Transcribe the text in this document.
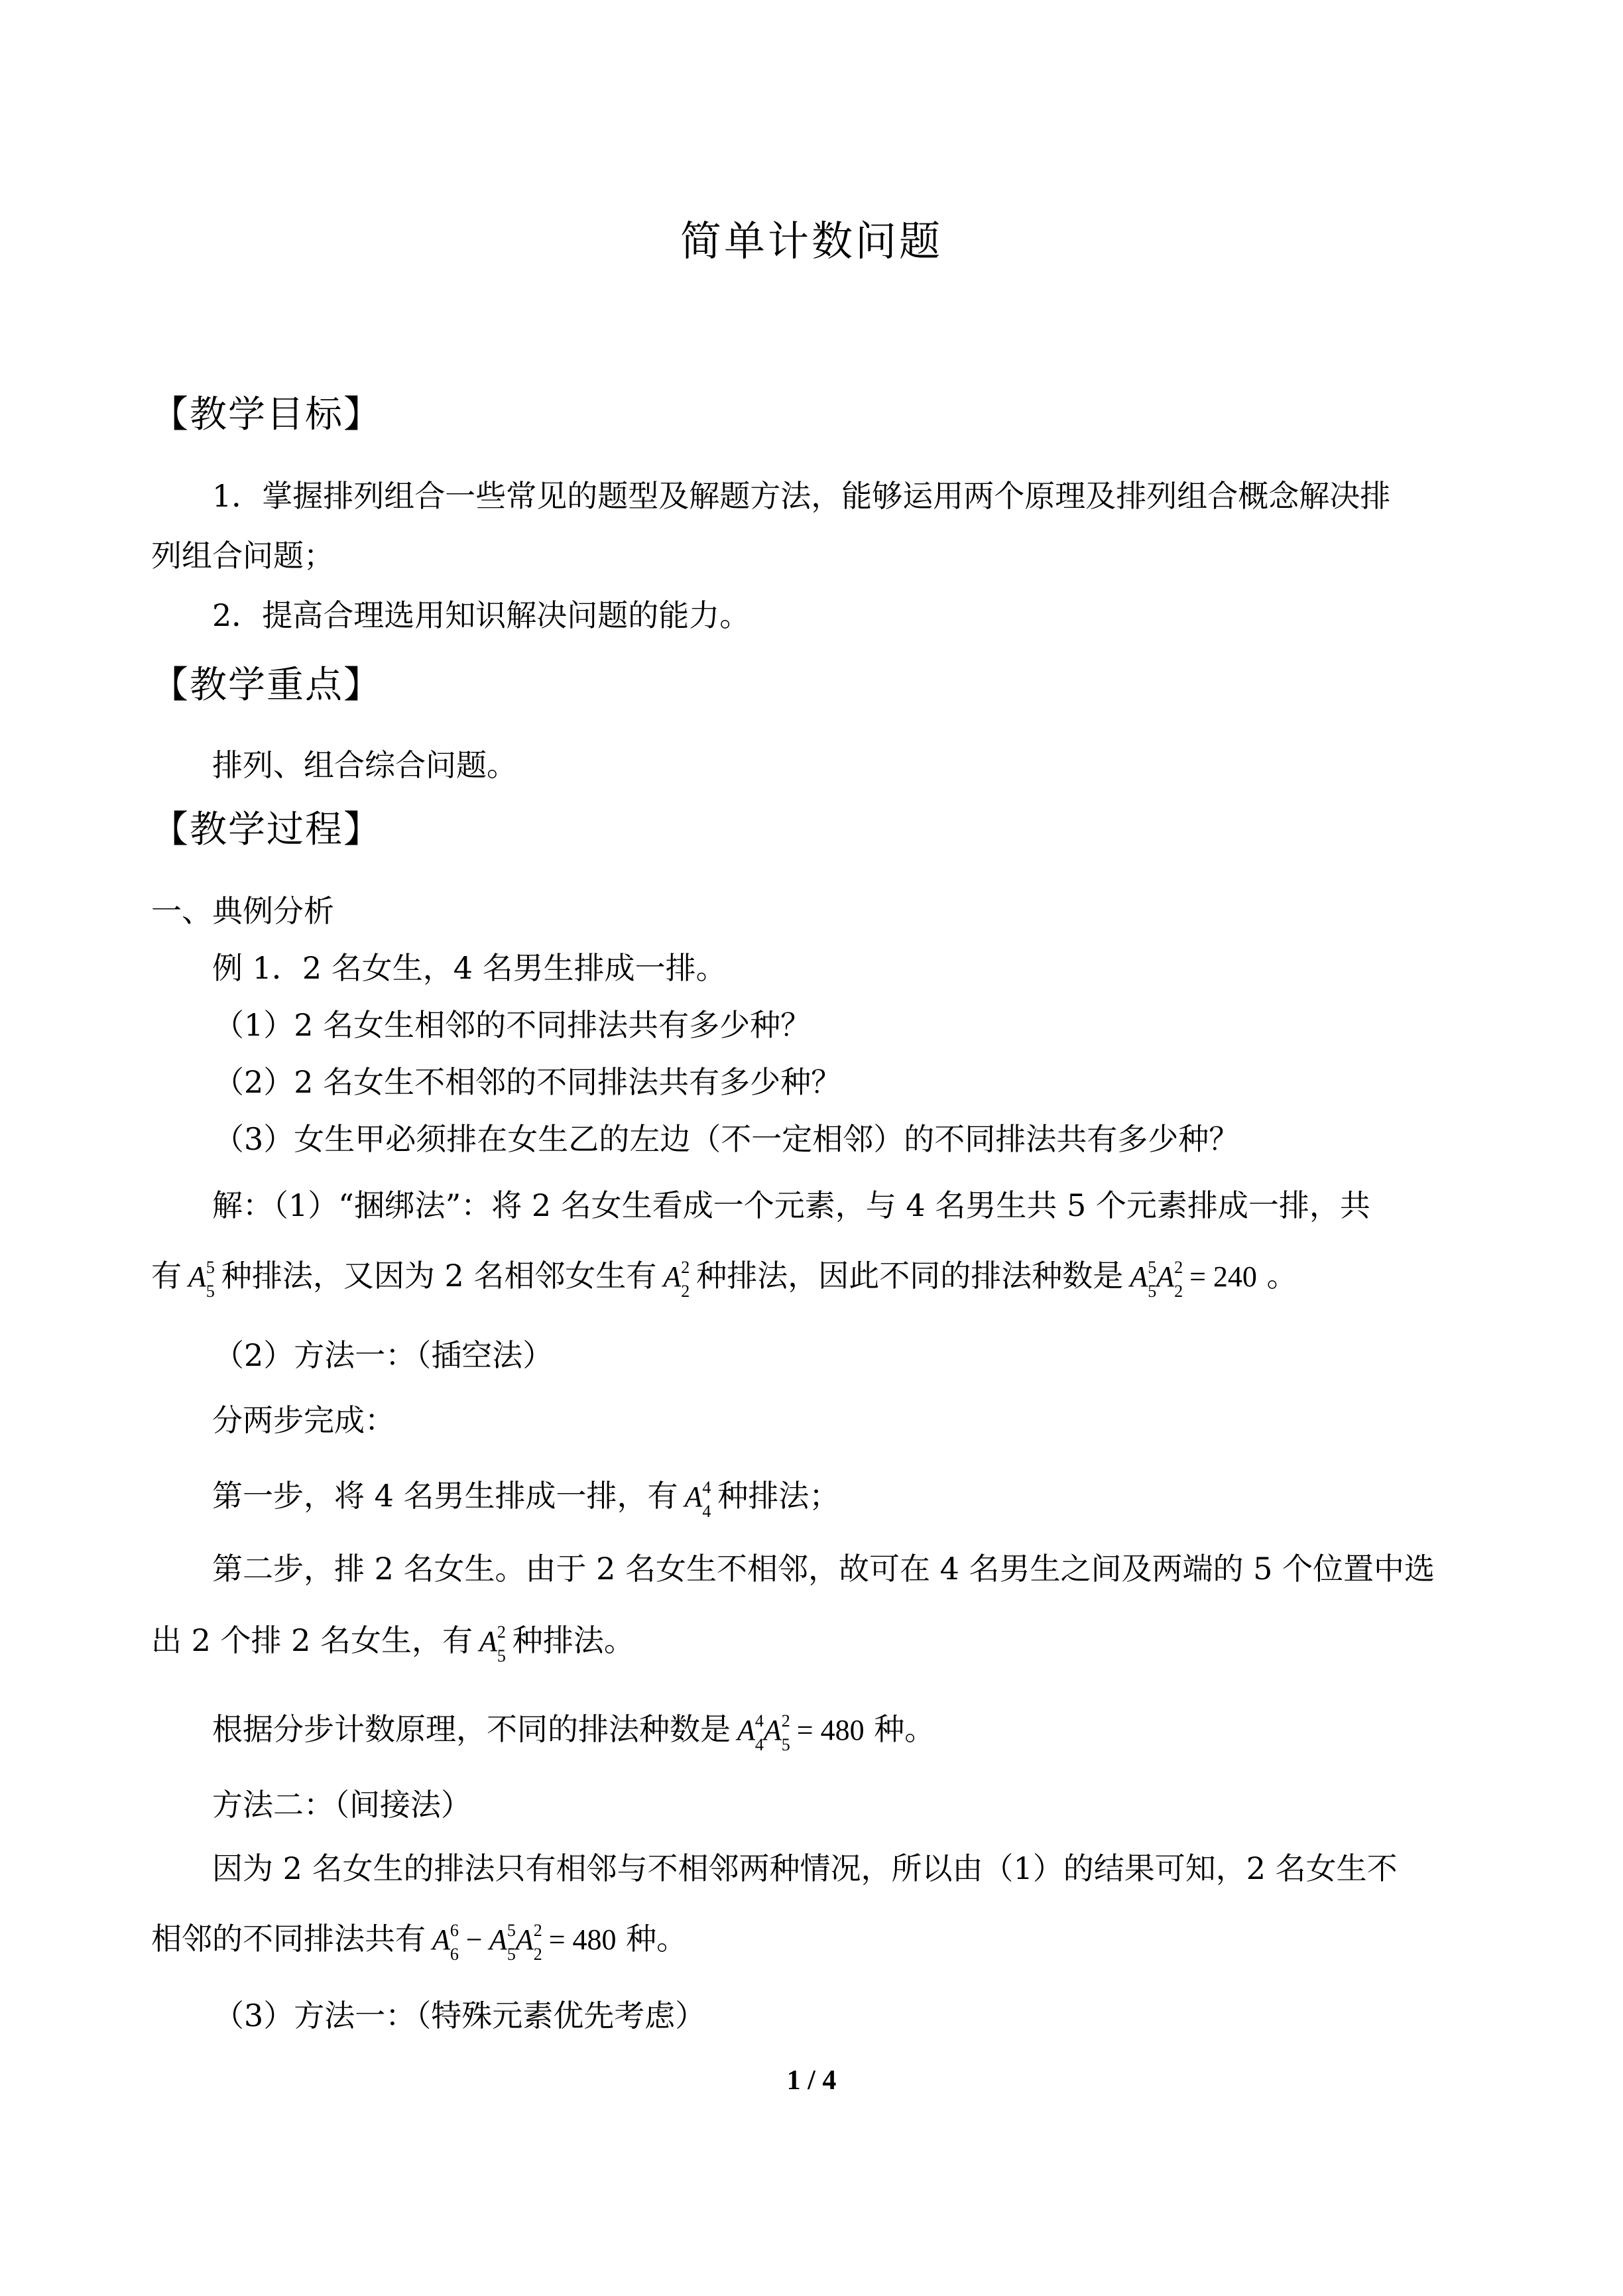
简单计数问题
【教学目标】
1．掌握排列组合一些常见的题型及解题方法，能够运用两个原理及排列组合概念解决排
列组合问题；
2．提高合理选用知识解决问题的能力。
【教学重点】
排列、组合综合问题。
【教学过程】
一、典例分析
例 1．2 名女生，4 名男生排成一排。
（1）2 名女生相邻的不同排法共有多少种？
（2）2 名女生不相邻的不同排法共有多少种？
（3）女生甲必须排在女生乙的左边（不一定相邻）的不同排法共有多少种？
解：（1）“捆绑法”：将 2 名女生看成一个元素，与 4 名男生共 5 个元素排成一排，共
有 $A^5_5$ 种排法，又因为 2 名相邻女生有 $A^2_2$ 种排法，因此不同的排法种数是 $A^5_5A^2_2 = 240$ 。
（2）方法一：（插空法）
分两步完成：
第一步，将 4 名男生排成一排，有 $A^4_4$ 种排法；
第二步，排 2 名女生。由于 2 名女生不相邻，故可在 4 名男生之间及两端的 5 个位置中选
出 2 个排 2 名女生，有 $A^2_5$ 种排法。
根据分步计数原理，不同的排法种数是 $A^4_4A^2_5 = 480$ 种。
方法二：（间接法）
因为 2 名女生的排法只有相邻与不相邻两种情况，所以由（1）的结果可知，2 名女生不
相邻的不同排法共有 $A^6_6 - A^5_5A^2_2 = 480$ 种。
（3）方法一：（特殊元素优先考虑）
1 / 4
